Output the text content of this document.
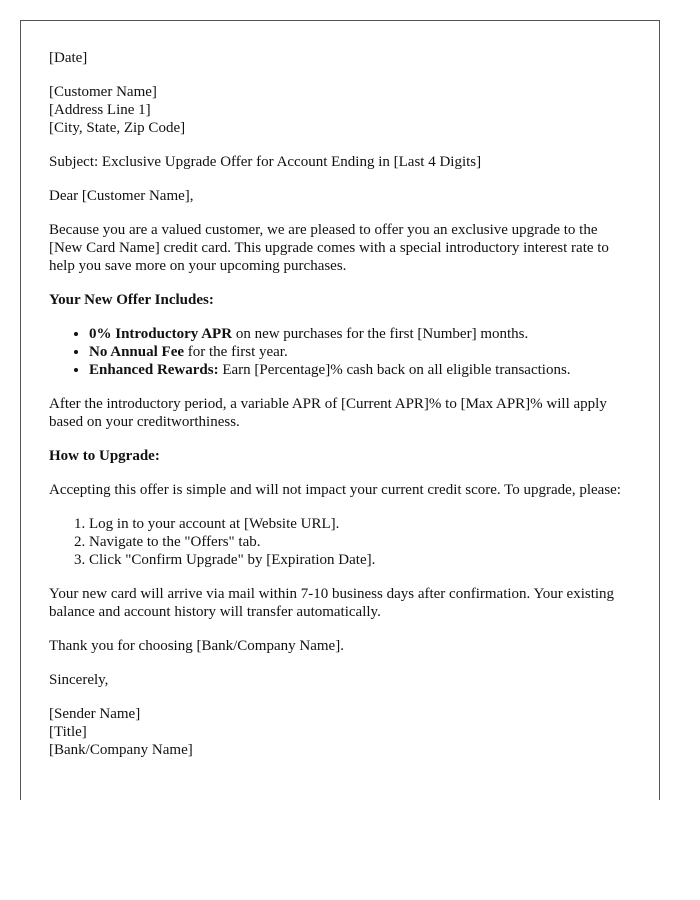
[Date]

[Customer Name]

[Address Line 1]

[City, State, Zip Code]

Subject: Exclusive Upgrade Offer for Account Ending in [Last 4 Digits]

Dear [Customer Name],

Because you are a valued customer, we are pleased to offer you an exclusive upgrade to the [New Card Name] credit card. This upgrade comes with a special introductory interest rate to help you save more on your upcoming purchases.

Your New Offer Includes:

• 0% Introductory APR on new purchases for the first [Number] months.
• No Annual Fee for the first year.
• Enhanced Rewards: Earn [Percentage]% cash back on all eligible transactions.

After the introductory period, a variable APR of [Current APR]% to [Max APR]% will apply based on your creditworthiness.

How to Upgrade:

Accepting this offer is simple and will not impact your current credit score. To upgrade, please:

1. Log in to your account at [Website URL].
2. Navigate to the "Offers" tab.
3. Click "Confirm Upgrade" by [Expiration Date].

Your new card will arrive via mail within 7-10 business days after confirmation. Your existing balance and account history will transfer automatically.

Thank you for choosing [Bank/Company Name].

Sincerely,

[Sender Name]

[Title]

[Bank/Company Name]
